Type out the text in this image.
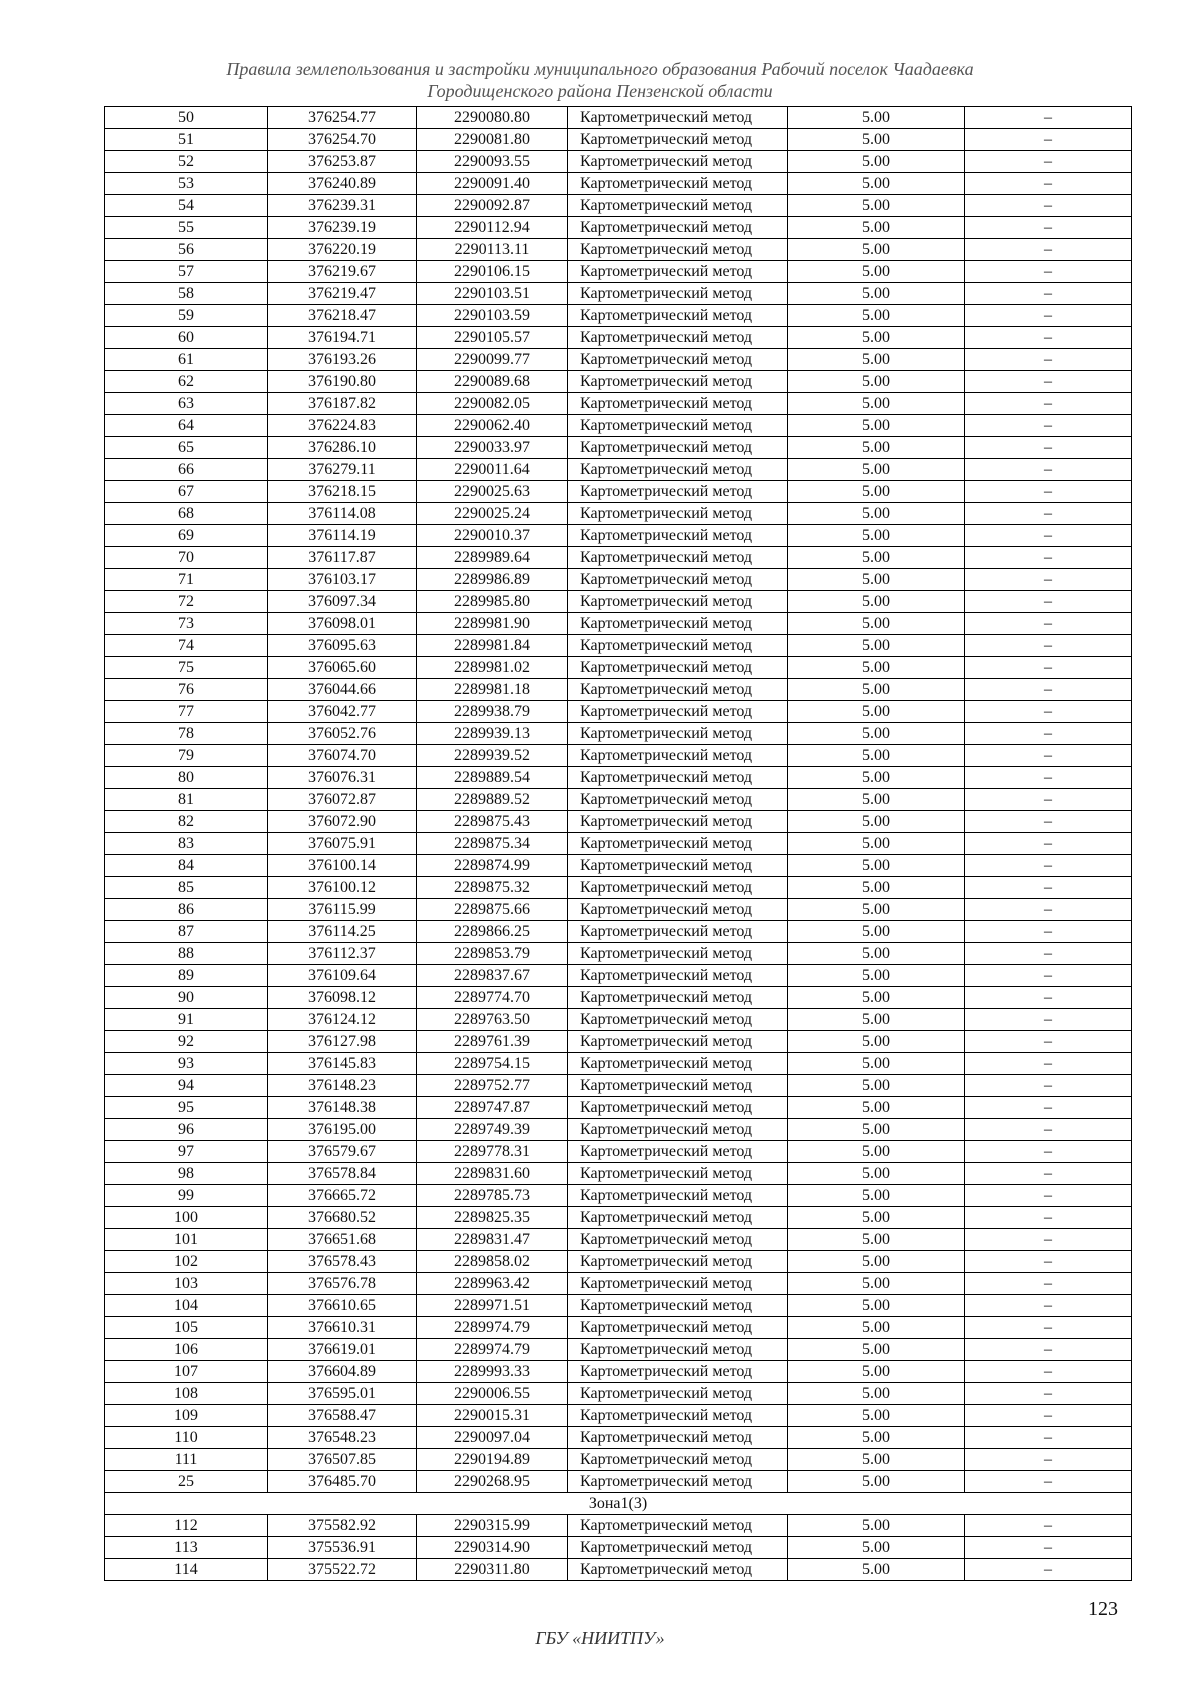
Правила землепользования и застройки муниципального образования Рабочий поселок Чаадаевка
Городищенского района Пензенской области
50	376254.77	2290080.80	Картометрический метод	5.00	–
51	376254.70	2290081.80	Картометрический метод	5.00	–
52	376253.87	2290093.55	Картометрический метод	5.00	–
53	376240.89	2290091.40	Картометрический метод	5.00	–
54	376239.31	2290092.87	Картометрический метод	5.00	–
55	376239.19	2290112.94	Картометрический метод	5.00	–
56	376220.19	2290113.11	Картометрический метод	5.00	–
57	376219.67	2290106.15	Картометрический метод	5.00	–
58	376219.47	2290103.51	Картометрический метод	5.00	–
59	376218.47	2290103.59	Картометрический метод	5.00	–
60	376194.71	2290105.57	Картометрический метод	5.00	–
61	376193.26	2290099.77	Картометрический метод	5.00	–
62	376190.80	2290089.68	Картометрический метод	5.00	–
63	376187.82	2290082.05	Картометрический метод	5.00	–
64	376224.83	2290062.40	Картометрический метод	5.00	–
65	376286.10	2290033.97	Картометрический метод	5.00	–
66	376279.11	2290011.64	Картометрический метод	5.00	–
67	376218.15	2290025.63	Картометрический метод	5.00	–
68	376114.08	2290025.24	Картометрический метод	5.00	–
69	376114.19	2290010.37	Картометрический метод	5.00	–
70	376117.87	2289989.64	Картометрический метод	5.00	–
71	376103.17	2289986.89	Картометрический метод	5.00	–
72	376097.34	2289985.80	Картометрический метод	5.00	–
73	376098.01	2289981.90	Картометрический метод	5.00	–
74	376095.63	2289981.84	Картометрический метод	5.00	–
75	376065.60	2289981.02	Картометрический метод	5.00	–
76	376044.66	2289981.18	Картометрический метод	5.00	–
77	376042.77	2289938.79	Картометрический метод	5.00	–
78	376052.76	2289939.13	Картометрический метод	5.00	–
79	376074.70	2289939.52	Картометрический метод	5.00	–
80	376076.31	2289889.54	Картометрический метод	5.00	–
81	376072.87	2289889.52	Картометрический метод	5.00	–
82	376072.90	2289875.43	Картометрический метод	5.00	–
83	376075.91	2289875.34	Картометрический метод	5.00	–
84	376100.14	2289874.99	Картометрический метод	5.00	–
85	376100.12	2289875.32	Картометрический метод	5.00	–
86	376115.99	2289875.66	Картометрический метод	5.00	–
87	376114.25	2289866.25	Картометрический метод	5.00	–
88	376112.37	2289853.79	Картометрический метод	5.00	–
89	376109.64	2289837.67	Картометрический метод	5.00	–
90	376098.12	2289774.70	Картометрический метод	5.00	–
91	376124.12	2289763.50	Картометрический метод	5.00	–
92	376127.98	2289761.39	Картометрический метод	5.00	–
93	376145.83	2289754.15	Картометрический метод	5.00	–
94	376148.23	2289752.77	Картометрический метод	5.00	–
95	376148.38	2289747.87	Картометрический метод	5.00	–
96	376195.00	2289749.39	Картометрический метод	5.00	–
97	376579.67	2289778.31	Картометрический метод	5.00	–
98	376578.84	2289831.60	Картометрический метод	5.00	–
99	376665.72	2289785.73	Картометрический метод	5.00	–
100	376680.52	2289825.35	Картометрический метод	5.00	–
101	376651.68	2289831.47	Картометрический метод	5.00	–
102	376578.43	2289858.02	Картометрический метод	5.00	–
103	376576.78	2289963.42	Картометрический метод	5.00	–
104	376610.65	2289971.51	Картометрический метод	5.00	–
105	376610.31	2289974.79	Картометрический метод	5.00	–
106	376619.01	2289974.79	Картометрический метод	5.00	–
107	376604.89	2289993.33	Картометрический метод	5.00	–
108	376595.01	2290006.55	Картометрический метод	5.00	–
109	376588.47	2290015.31	Картометрический метод	5.00	–
110	376548.23	2290097.04	Картометрический метод	5.00	–
111	376507.85	2290194.89	Картометрический метод	5.00	–
25	376485.70	2290268.95	Картометрический метод	5.00	–
Зона1(3)					
112	375582.92	2290315.99	Картометрический метод	5.00	–
113	375536.91	2290314.90	Картометрический метод	5.00	–
114	375522.72	2290311.80	Картометрический метод	5.00	–
123
ГБУ «НИИТПУ»
